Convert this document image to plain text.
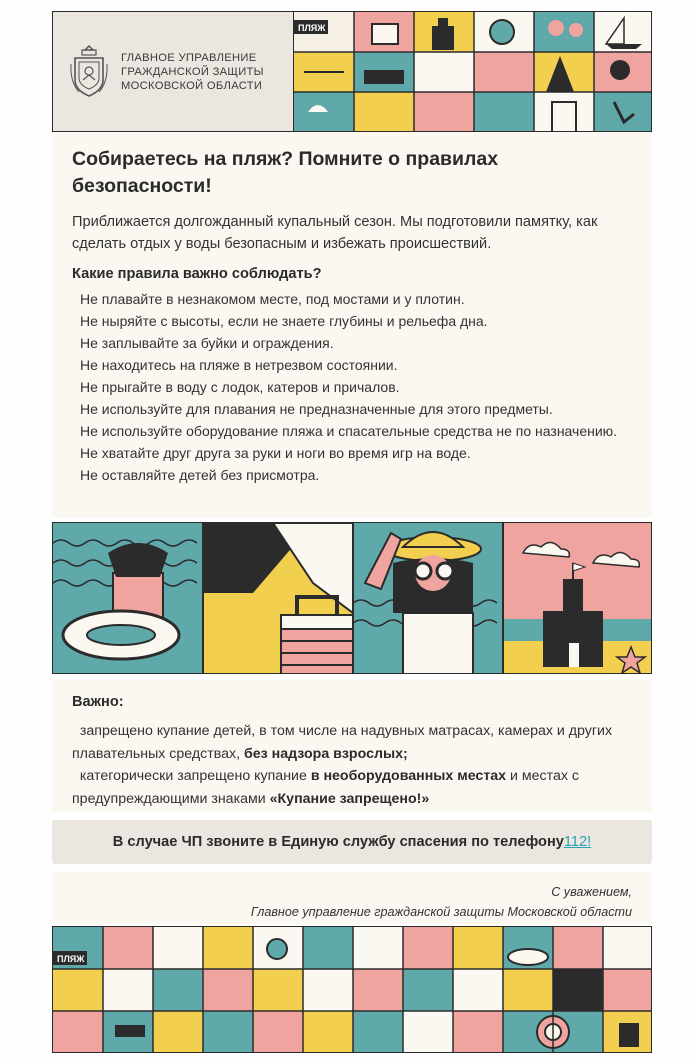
ГЛАВНОЕ УПРАВЛЕНИЕ
ГРАЖДАНСКОЙ ЗАЩИТЫ
МОСКОВСКОЙ ОБЛАСТИ
ПЛЯЖ
Собираетесь на пляж? Помните о правилах безопасности!

Приближается долгожданный купальный сезон. Мы подготовили памятку, как сделать отдых у воды безопасным и избежать происшествий.

Какие правила важно соблюдать?
Не плавайте в незнакомом месте, под мостами и у плотин.
Не ныряйте с высоты, если не знаете глубины и рельефа дна.
Не заплывайте за буйки и ограждения.
Не находитесь на пляже в нетрезвом состоянии.
Не прыгайте в воду с лодок, катеров и причалов.
Не используйте для плавания не предназначенные для этого предметы.
Не используйте оборудование пляжа и спасательные средства не по назначению.
Не хватайте друг друга за руки и ноги во время игр на воде.
Не оставляйте детей без присмотра.
Важно:

запрещено купание детей, в том числе на надувных матрасах, камерах и других плавательных средствах, без надзора взрослых;

категорически запрещено купание в необорудованных местах и местах с предупреждающими знаками «Купание запрещено!»

В случае ЧП звоните в Единую службу спасения по телефону 112!
С уважением,
Главное управление гражданской защиты Московской области
ПЛЯЖ
